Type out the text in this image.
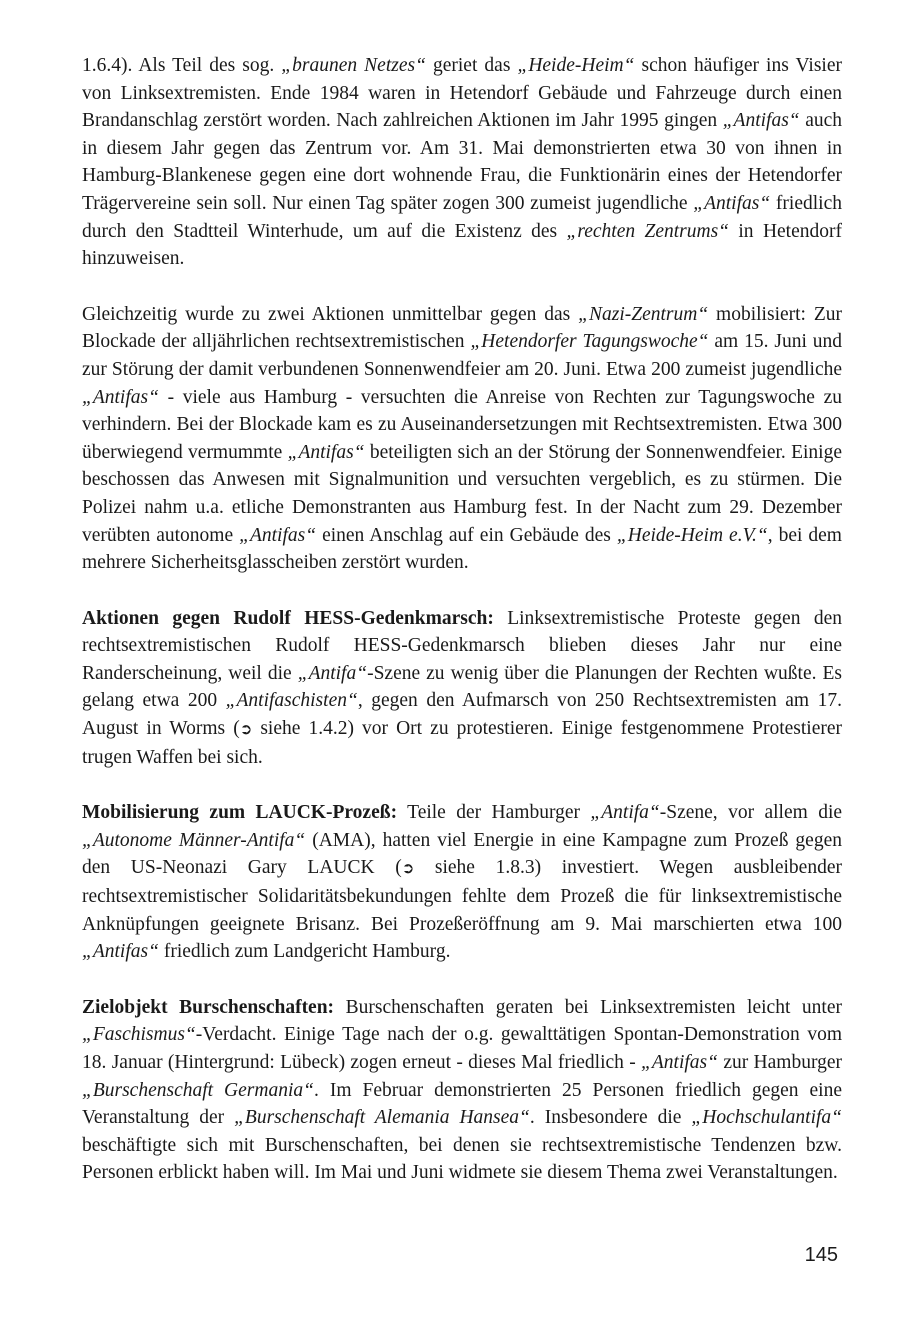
1.6.4). Als Teil des sog. „braunen Netzes“ geriet das „Heide-Heim“ schon häufiger ins Visier von Linksextremisten. Ende 1984 waren in Hetendorf Gebäude und Fahrzeuge durch einen Brandanschlag zerstört worden. Nach zahlreichen Aktionen im Jahr 1995 gingen „Antifas“ auch in diesem Jahr gegen das Zentrum vor. Am 31. Mai demonstrierten etwa 30 von ihnen in Hamburg-Blankenese gegen eine dort wohnende Frau, die Funktionärin eines der Hetendorfer Trägervereine sein soll. Nur einen Tag später zogen 300 zumeist jugendliche „Antifas“ friedlich durch den Stadtteil Winterhude, um auf die Existenz des „rechten Zentrums“ in Hetendorf hinzuweisen.

Gleichzeitig wurde zu zwei Aktionen unmittelbar gegen das „Nazi-Zentrum“ mobilisiert: Zur Blockade der alljährlichen rechtsextremistischen „Hetendorfer Tagungswoche“ am 15. Juni und zur Störung der damit verbundenen Sonnenwendfeier am 20. Juni. Etwa 200 zumeist jugendliche „Antifas“ - viele aus Hamburg - versuchten die Anreise von Rechten zur Tagungswoche zu verhindern. Bei der Blockade kam es zu Auseinandersetzungen mit Rechtsextremisten. Etwa 300 überwiegend vermummte „Antifas“ beteiligten sich an der Störung der Sonnenwendfeier. Einige beschossen das Anwesen mit Signalmunition und versuchten vergeblich, es zu stürmen. Die Polizei nahm u.a. etliche Demonstranten aus Hamburg fest. In der Nacht zum 29. Dezember verübten autonome „Antifas“ einen Anschlag auf ein Gebäude des „Heide-Heim e.V.“, bei dem mehrere Sicherheitsglasscheiben zerstört wurden.

Aktionen gegen Rudolf HESS-Gedenkmarsch: Linksextremistische Proteste gegen den rechtsextremistischen Rudolf HESS-Gedenkmarsch blieben dieses Jahr nur eine Randerscheinung, weil die „Antifa“-Szene zu wenig über die Planungen der Rechten wußte. Es gelang etwa 200 „Antifaschisten“, gegen den Aufmarsch von 250 Rechtsextremisten am 17. August in Worms (➲ siehe 1.4.2) vor Ort zu protestieren. Einige festgenommene Protestierer trugen Waffen bei sich.

Mobilisierung zum LAUCK-Prozeß: Teile der Hamburger „Antifa“-Szene, vor allem die „Autonome Männer-Antifa“ (AMA), hatten viel Energie in eine Kampagne zum Prozeß gegen den US-Neonazi Gary LAUCK (➲ siehe 1.8.3) investiert. Wegen ausbleibender rechtsextremistischer Solidaritätsbekundungen fehlte dem Prozeß die für linksextremistische Anknüpfungen geeignete Brisanz. Bei Prozeßeröffnung am 9. Mai marschierten etwa 100 „Antifas“ friedlich zum Landgericht Hamburg.

Zielobjekt Burschenschaften: Burschenschaften geraten bei Linksextremisten leicht unter „Faschismus“-Verdacht. Einige Tage nach der o.g. gewalttätigen Spontan-Demonstration vom 18. Januar (Hintergrund: Lübeck) zogen erneut - dieses Mal friedlich - „Antifas“ zur Hamburger „Burschenschaft Germania“. Im Februar demonstrierten 25 Personen friedlich gegen eine Veranstaltung der „Burschenschaft Alemania Hansea“. Insbesondere die „Hochschulantifa“ beschäftigte sich mit Burschenschaften, bei denen sie rechtsextremistische Tendenzen bzw. Personen erblickt haben will. Im Mai und Juni widmete sie diesem Thema zwei Veranstaltungen.

145
